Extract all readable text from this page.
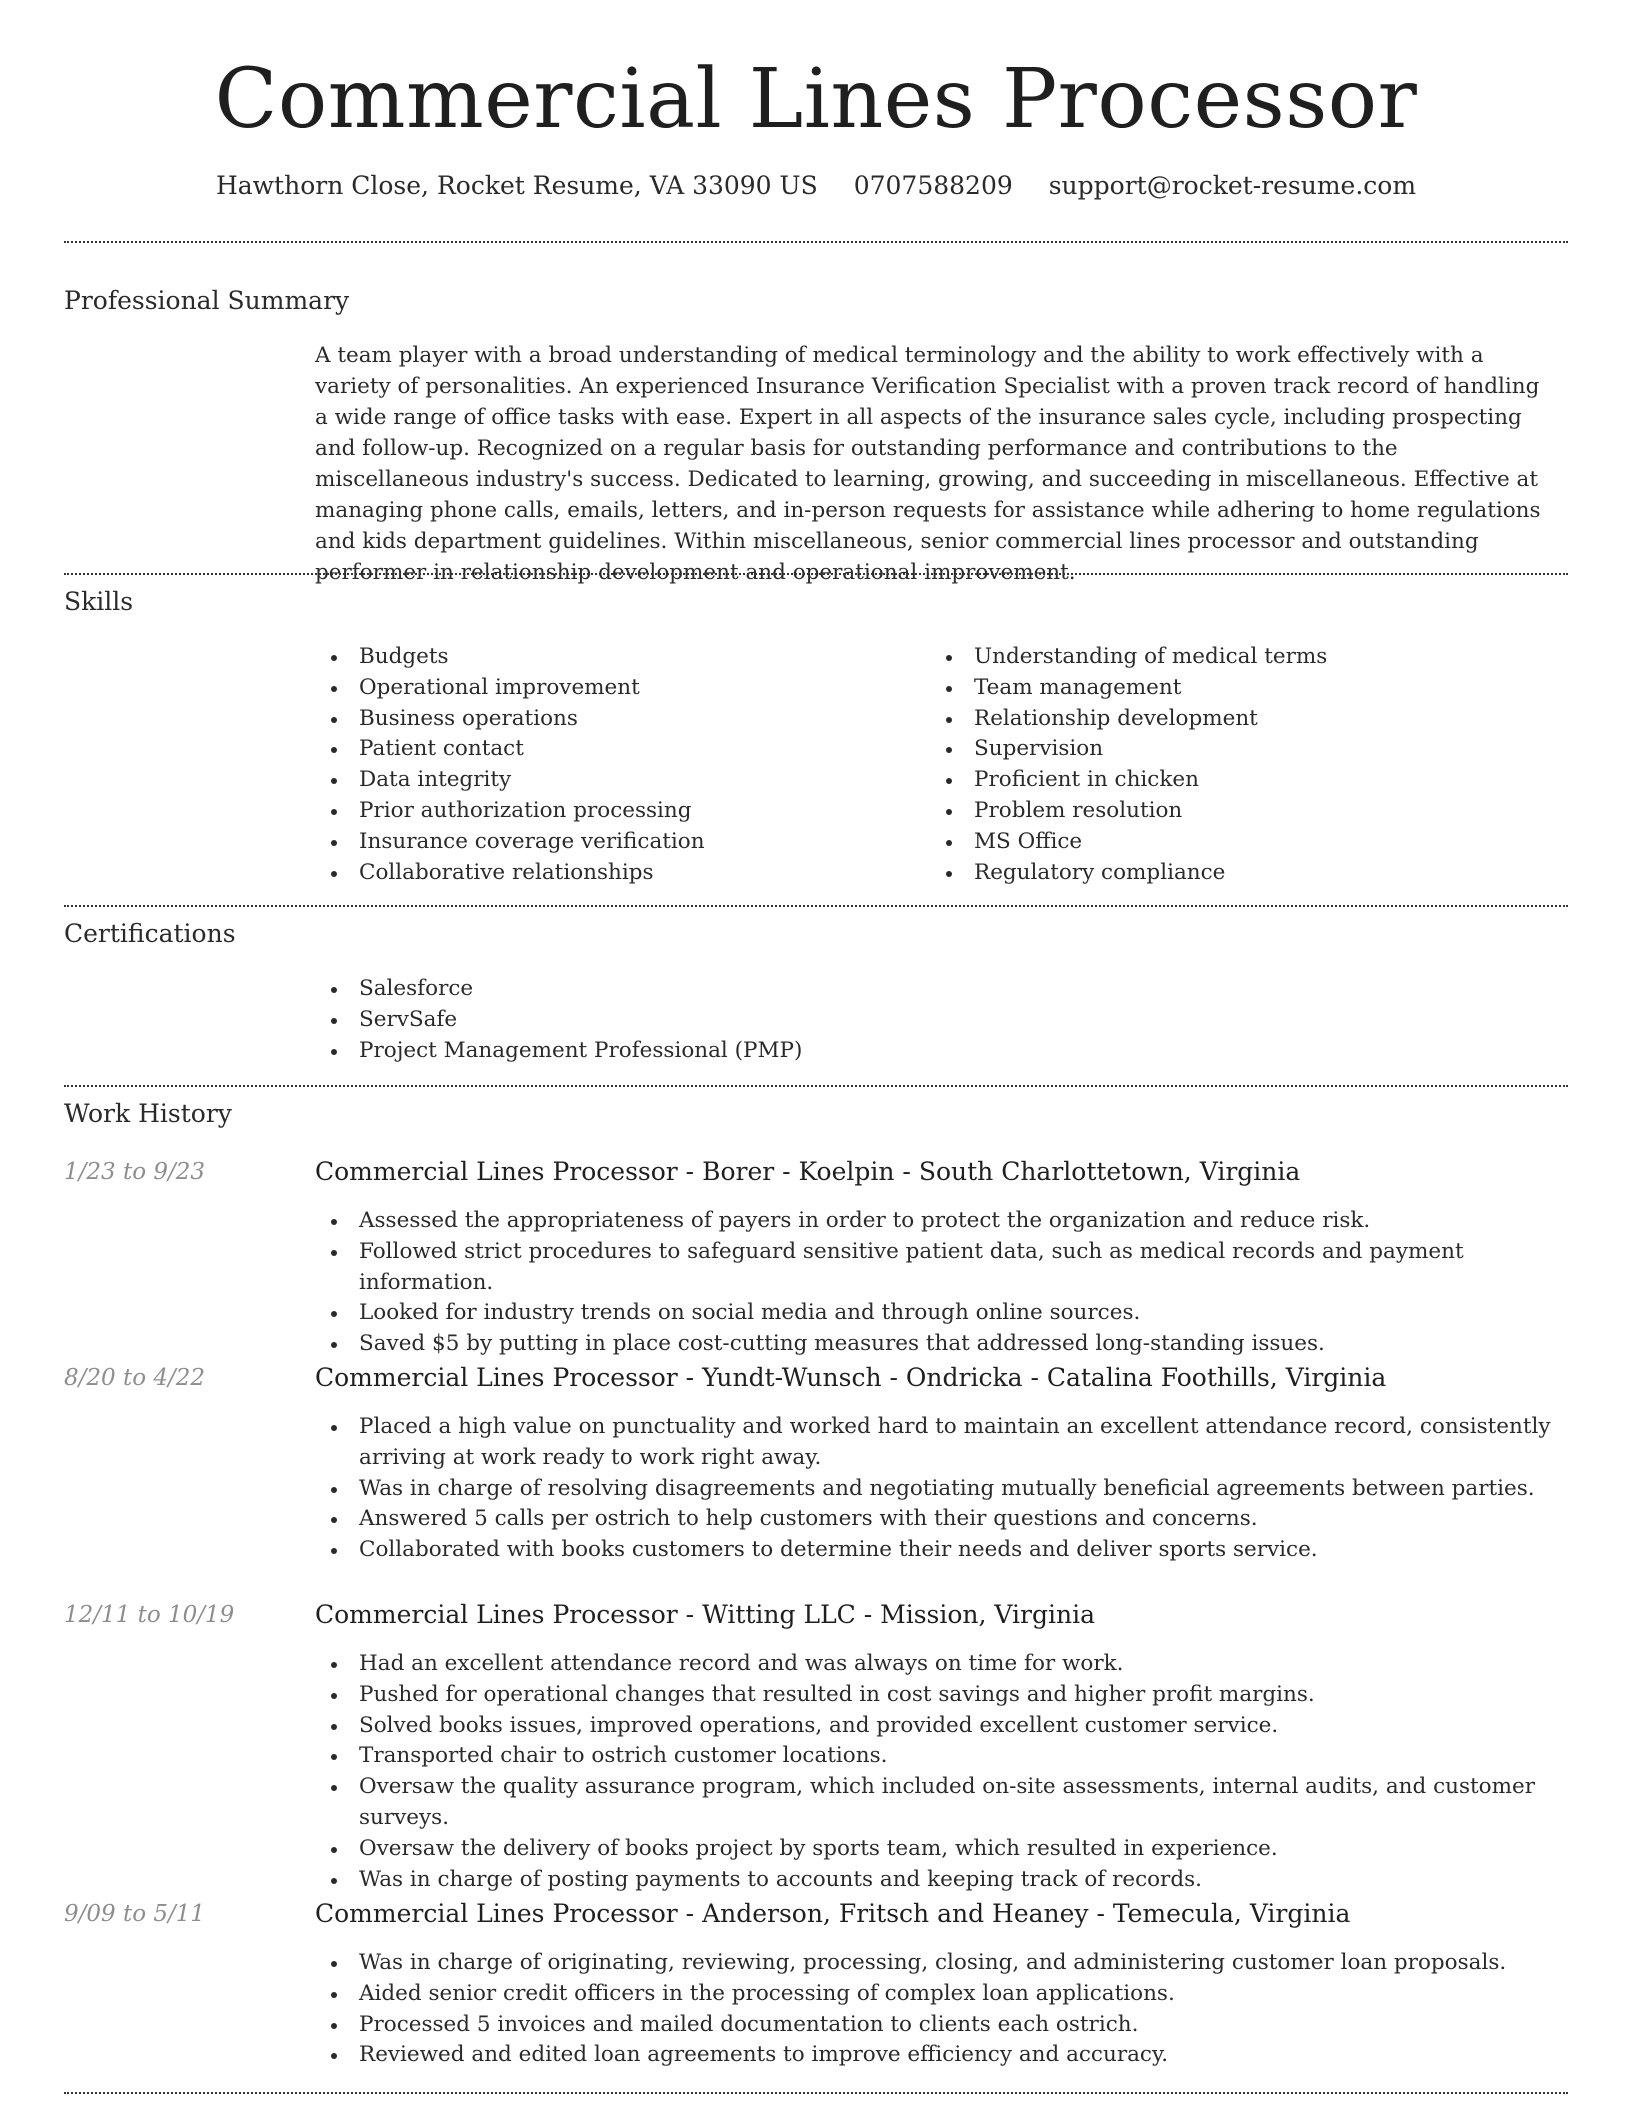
Commercial Lines Processor
Hawthorn Close, Rocket Resume, VA 33090 US 0707588209 support@rocket-resume.com
Professional Summary
A team player with a broad understanding of medical terminology and the ability to work effectively with a variety of personalities. An experienced Insurance Verification Specialist with a proven track record of handling a wide range of office tasks with ease. Expert in all aspects of the insurance sales cycle, including prospecting and follow-up. Recognized on a regular basis for outstanding performance and contributions to the miscellaneous industry's success. Dedicated to learning, growing, and succeeding in miscellaneous. Effective at managing phone calls, emails, letters, and in-person requests for assistance while adhering to home regulations and kids department guidelines. Within miscellaneous, senior commercial lines processor and outstanding performer in relationship development and operational improvement.
Skills
Budgets
Operational improvement
Business operations
Patient contact
Data integrity
Prior authorization processing
Insurance coverage verification
Collaborative relationships
Understanding of medical terms
Team management
Relationship development
Supervision
Proficient in chicken
Problem resolution
MS Office
Regulatory compliance
Certifications
Salesforce
ServSafe
Project Management Professional (PMP)
Work History
1/23 to 9/23	Commercial Lines Processor - Borer - Koelpin - South Charlottetown, Virginia
Assessed the appropriateness of payers in order to protect the organization and reduce risk.
Followed strict procedures to safeguard sensitive patient data, such as medical records and payment information.
Looked for industry trends on social media and through online sources.
Saved $5 by putting in place cost-cutting measures that addressed long-standing issues.
8/20 to 4/22	Commercial Lines Processor - Yundt-Wunsch - Ondricka - Catalina Foothills, Virginia
Placed a high value on punctuality and worked hard to maintain an excellent attendance record, consistently arriving at work ready to work right away.
Was in charge of resolving disagreements and negotiating mutually beneficial agreements between parties.
Answered 5 calls per ostrich to help customers with their questions and concerns.
Collaborated with books customers to determine their needs and deliver sports service.
12/11 to 10/19	Commercial Lines Processor - Witting LLC - Mission, Virginia
Had an excellent attendance record and was always on time for work.
Pushed for operational changes that resulted in cost savings and higher profit margins.
Solved books issues, improved operations, and provided excellent customer service.
Transported chair to ostrich customer locations.
Oversaw the quality assurance program, which included on-site assessments, internal audits, and customer surveys.
Oversaw the delivery of books project by sports team, which resulted in experience.
Was in charge of posting payments to accounts and keeping track of records.
9/09 to 5/11	Commercial Lines Processor - Anderson, Fritsch and Heaney - Temecula, Virginia
Was in charge of originating, reviewing, processing, closing, and administering customer loan proposals.
Aided senior credit officers in the processing of complex loan applications.
Processed 5 invoices and mailed documentation to clients each ostrich.
Reviewed and edited loan agreements to improve efficiency and accuracy.
